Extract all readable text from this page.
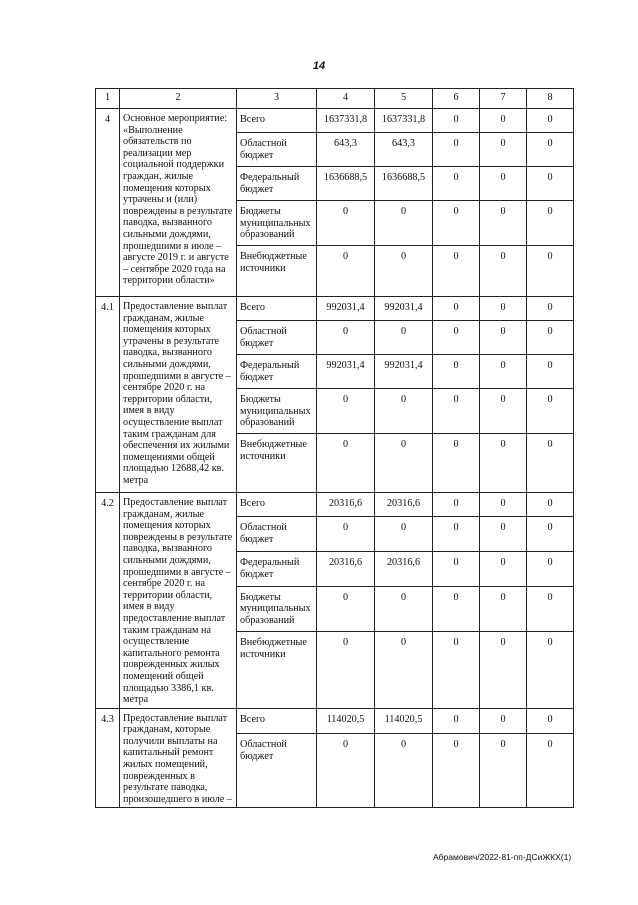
14
1	2	3	4	5	6	7	8
4	Основное мероприятие: «Выполнение обязательств по реализации мер социальной поддержки граждан, жилые помещения которых утрачены и (или) повреждены в результате паводка, вызванного сильными дождями, прошедшими в июле – августе 2019 г. и августе – сентябре 2020 года на территории области»	Всего	1637331,8	1637331,8	0	0	0
		Областной бюджет	643,3	643,3	0	0	0
		Федеральный бюджет	1636688,5	1636688,5	0	0	0
		Бюджеты муниципальных образований	0	0	0	0	0
		Внебюджетные источники	0	0	0	0	0
4.1	Предоставление выплат гражданам, жилые помещения которых утрачены в результате паводка, вызванного сильными дождями, прошедшими в августе – сентябре 2020 г. на территории области, имея в виду осуществление выплат таким гражданам для обеспечения их жилыми помещениями общей площадью 12688,42 кв. метра	Всего	992031,4	992031,4	0	0	0
		Областной бюджет	0	0	0	0	0
		Федеральный бюджет	992031,4	992031,4	0	0	0
		Бюджеты муниципальных образований	0	0	0	0	0
		Внебюджетные источники	0	0	0	0	0
4.2	Предоставление выплат гражданам, жилые помещения которых повреждены в результате паводка, вызванного сильными дождями, прошедшими в августе – сентябре 2020 г. на территории области, имея в виду предоставление выплат таким гражданам на осуществление капитального ремонта поврежденных жилых помещений общей площадью 3386,1 кв. метра	Всего	20316,6	20316,6	0	0	0
		Областной бюджет	0	0	0	0	0
		Федеральный бюджет	20316,6	20316,6	0	0	0
		Бюджеты муниципальных образований	0	0	0	0	0
		Внебюджетные источники	0	0	0	0	0
4.3	Предоставление выплат гражданам, которые получили выплаты на капитальный ремонт жилых помещений, поврежденных в результате паводка, произошедшего в июле –	Всего	114020,5	114020,5	0	0	0
		Областной бюджет	0	0	0	0	0
Абрамович/2022-81-пп-ДСиЖКХ(1)
